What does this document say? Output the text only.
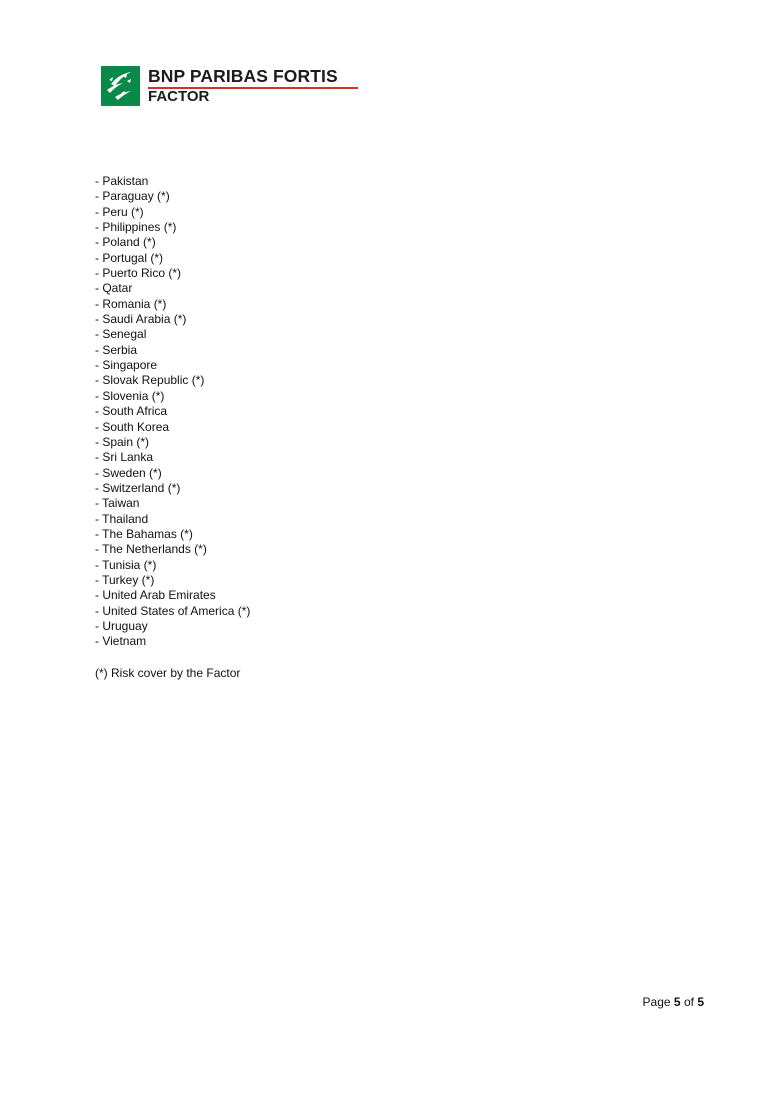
BNP PARIBAS FORTIS
FACTOR
- Pakistan
- Paraguay (*)
- Peru (*)
- Philippines (*)
- Poland (*)
- Portugal (*)
- Puerto Rico (*)
- Qatar
- Romania (*)
- Saudi Arabia (*)
- Senegal
- Serbia
- Singapore
- Slovak Republic (*)
- Slovenia (*)
- South Africa
- South Korea
- Spain (*)
- Sri Lanka
- Sweden (*)
- Switzerland (*)
- Taiwan
- Thailand
- The Bahamas (*)
- The Netherlands (*)
- Tunisia (*)
- Turkey (*)
- United Arab Emirates
- United States of America (*)
- Uruguay
- Vietnam
(*) Risk cover by the Factor
Page 5 of 5
